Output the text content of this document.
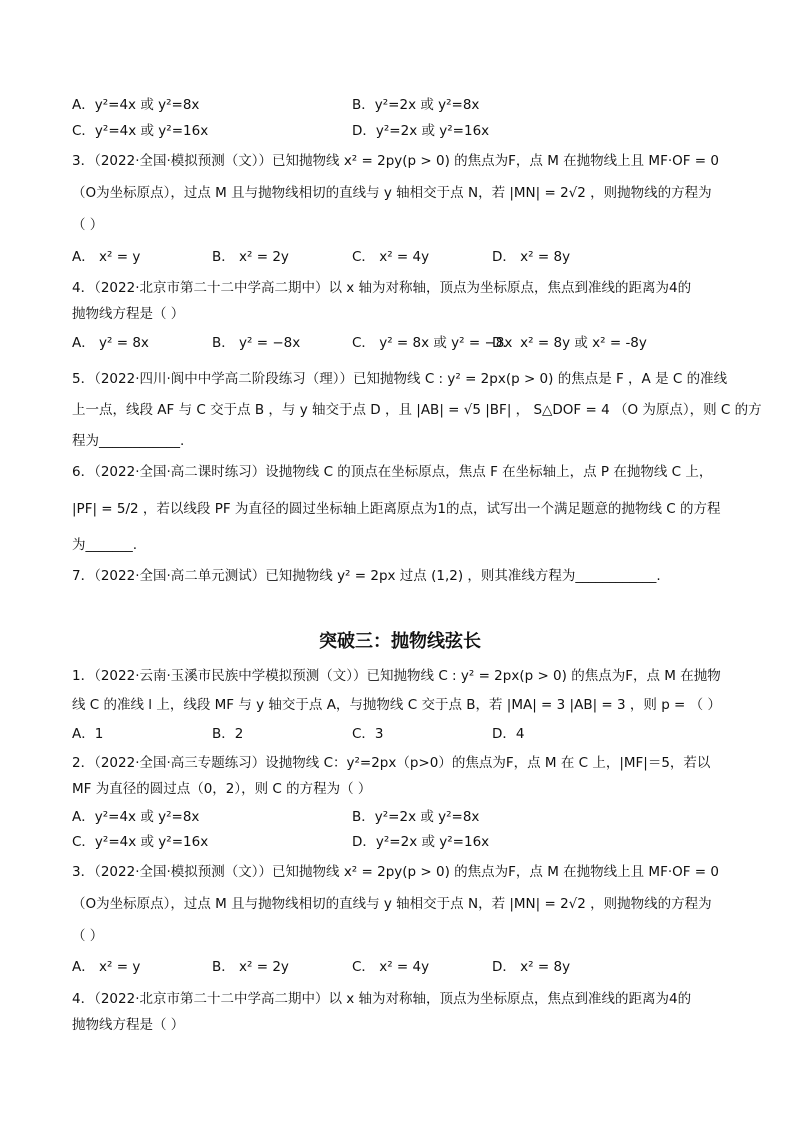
A．y²=4x 或 y²=8x	B．y²=2x 或 y²=8x
C．y²=4x 或 y²=16x	D．y²=2x 或 y²=16x
3．（2022·全国·模拟预测（文））已知抛物线 x² = 2py(p > 0) 的焦点为F，点 M 在抛物线上且 MF·OF = 0
（O为坐标原点），过点 M 且与抛物线相切的直线与 y 轴相交于点 N，若 |MN| = 2√2 ，则抛物线的方程为
（ ）
A． x² = y	B． x² = 2y	C． x² = 4y	D． x² = 8y
4．（2022·北京市第二十二中学高二期中）以 x 轴为对称轴，顶点为坐标原点，焦点到准线的距离为4的
抛物线方程是（ ）
A． y² = 8x	B． y² = −8x	C． y² = 8x 或 y² = −8x
D． x² = 8y 或 x² = -8y
5．（2022·四川·阆中中学高二阶段练习（理））已知抛物线 C : y² = 2px(p > 0) 的焦点是 F ，A 是 C 的准线
上一点，线段 AF 与 C 交于点 B ，与 y 轴交于点 D ，且 |AB| = √5 |BF| ， S△DOF = 4 （O 为原点），则 C 的方
程为____________.
6．（2022·全国·高二课时练习）设抛物线 C 的顶点在坐标原点，焦点 F 在坐标轴上，点 P 在抛物线 C 上，
|PF| = 5/2 ，若以线段 PF 为直径的圆过坐标轴上距离原点为1的点，试写出一个满足题意的抛物线 C 的方程
为_______.
7．（2022·全国·高二单元测试）已知抛物线 y² = 2px 过点 (1,2) ，则其准线方程为____________.
突破三：抛物线弦长
1．（2022·云南·玉溪市民族中学模拟预测（文））已知抛物线 C : y² = 2px(p > 0) 的焦点为F，点 M 在抛物
线 C 的准线 l 上，线段 MF 与 y 轴交于点 A，与抛物线 C 交于点 B，若 |MA| = 3 |AB| = 3 ，则 p = （ ）
A．1	B．2	C．3	D．4
2．（2022·全国·高三专题练习）设抛物线 C：y²=2px（p>0）的焦点为F，点 M 在 C 上，|MF|＝5，若以
MF 为直径的圆过点（0，2），则 C 的方程为（ ）
A．y²=4x 或 y²=8x	B．y²=2x 或 y²=8x
C．y²=4x 或 y²=16x	D．y²=2x 或 y²=16x
3．（2022·全国·模拟预测（文））已知抛物线 x² = 2py(p > 0) 的焦点为F，点 M 在抛物线上且 MF·OF = 0
（O为坐标原点），过点 M 且与抛物线相切的直线与 y 轴相交于点 N，若 |MN| = 2√2 ，则抛物线的方程为
（ ）
A． x² = y	B． x² = 2y	C． x² = 4y	D． x² = 8y
4．（2022·北京市第二十二中学高二期中）以 x 轴为对称轴，顶点为坐标原点，焦点到准线的距离为4的
抛物线方程是（ ）
